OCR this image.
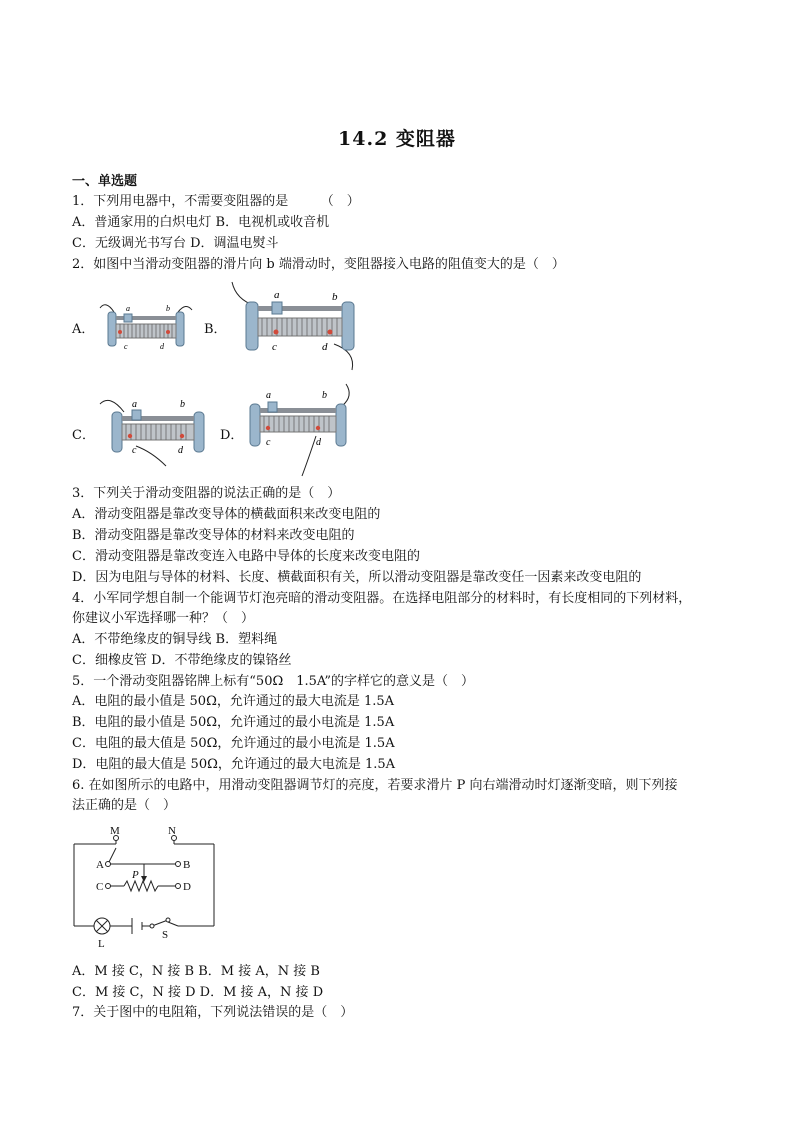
14.2 变阻器
一、单选题
1．下列用电器中，不需要变阻器的是　　　（　）
A．普通家用的白炽电灯 B．电视机或收音机
C．无级调光书写台 D．调温电熨斗
2．如图中当滑动变阻器的滑片向 b 端滑动时，变阻器接入电路的阻值变大的是（　）
A．	B．
C．	D．
a	b
c	d
a	b
c	d
a	b
c	d
a	b
c	d
3．下列关于滑动变阻器的说法正确的是（　）
A．滑动变阻器是靠改变导体的横截面积来改变电阻的
B．滑动变阻器是靠改变导体的材料来改变电阻的
C．滑动变阻器是靠改变连入电路中导体的长度来改变电阻的
D．因为电阻与导体的材料、长度、横截面积有关，所以滑动变阻器是靠改变任一因素来改变电阻的
4．小军同学想自制一个能调节灯泡亮暗的滑动变阻器。在选择电阻部分的材料时，有长度相同的下列材料，
你建议小军选择哪一种？（　）
A．不带绝缘皮的铜导线 B．塑料绳
C．细橡皮管 D．不带绝缘皮的镍铬丝
5．一个滑动变阻器铭牌上标有“50Ω　1.5A”的字样它的意义是（　）
A．电阻的最小值是 50Ω，允许通过的最大电流是 1.5A
B．电阻的最小值是 50Ω，允许通过的最小电流是 1.5A
C．电阻的最大值是 50Ω，允许通过的最小电流是 1.5A
D．电阻的最大值是 50Ω，允许通过的最大电流是 1.5A
6. 在如图所示的电路中，用滑动变阻器调节灯的亮度，若要求滑片 P 向右端滑动时灯逐渐变暗，则下列接
法正确的是（　）
M	N
A	B
C	D
P
L
S
A．M 接 C，N 接 B B．M 接 A，N 接 B
C．M 接 C，N 接 D D．M 接 A，N 接 D
7．关于图中的电阻箱，下列说法错误的是（　）
